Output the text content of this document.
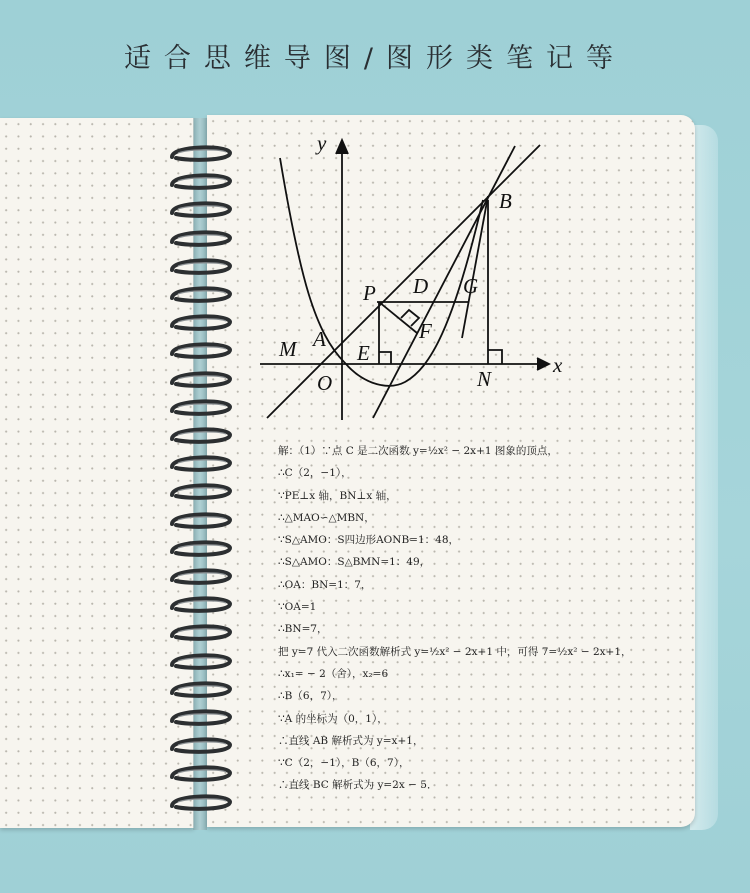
适合思维导图/图形类笔记等
y
x
B
P D G
F
M A
E
O	N
解：（1）∵点 C 是二次函数 y=½x² − 2x+1 图象的顶点，
∴C（2，−1），
∵PE⊥x 轴，BN⊥x 轴，
∴△MAO∽△MBN，
∵S△AMO：S四边形AONB=1：48，
∴S△AMO：S△BMN=1：49，
∴OA：BN=1：7，
∵OA=1
∴BN=7，
把 y=7 代入二次函数解析式 y=½x² − 2x+1 中，可得 7=½x² − 2x+1，
∴x₁= − 2（舍），x₂=6
∴B（6，7），
∵A 的坐标为（0，1），
∴直线 AB 解析式为 y=x+1，
∵C（2，−1），B（6，7），
∴直线 BC 解析式为 y=2x − 5．
